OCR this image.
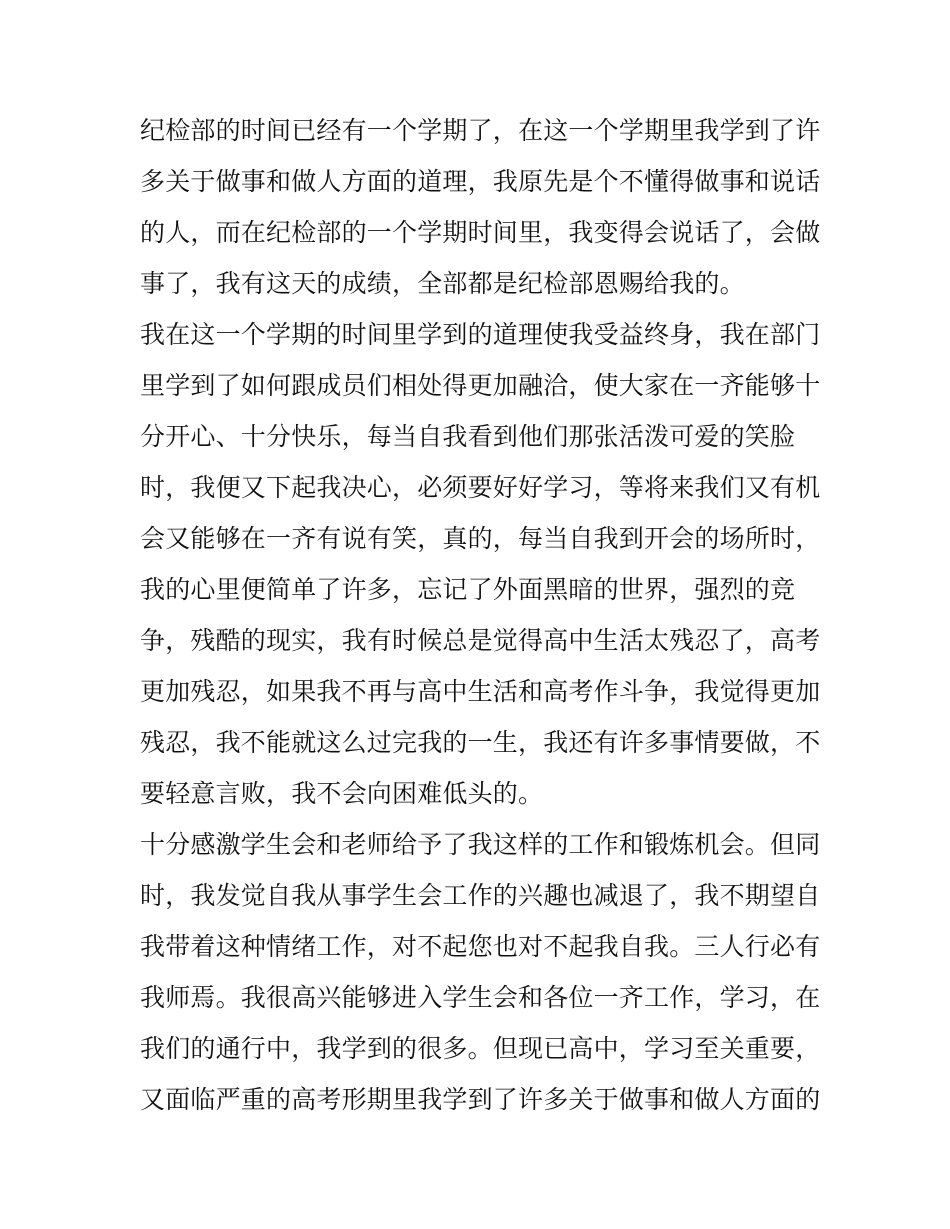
纪检部的时间已经有一个学期了，在这一个学期里我学到了许
多关于做事和做人方面的道理，我原先是个不懂得做事和说话
的人，而在纪检部的一个学期时间里，我变得会说话了，会做
事了，我有这天的成绩，全部都是纪检部恩赐给我的。
我在这一个学期的时间里学到的道理使我受益终身，我在部门
里学到了如何跟成员们相处得更加融洽，使大家在一齐能够十
分开心、十分快乐，每当自我看到他们那张活泼可爱的笑脸
时，我便又下起我决心，必须要好好学习，等将来我们又有机
会又能够在一齐有说有笑，真的，每当自我到开会的场所时，
我的心里便简单了许多，忘记了外面黑暗的世界，强烈的竞
争，残酷的现实，我有时候总是觉得高中生活太残忍了，高考
更加残忍，如果我不再与高中生活和高考作斗争，我觉得更加
残忍，我不能就这么过完我的一生，我还有许多事情要做，不
要轻意言败，我不会向困难低头的。
十分感激学生会和老师给予了我这样的工作和锻炼机会。但同
时，我发觉自我从事学生会工作的兴趣也减退了，我不期望自
我带着这种情绪工作，对不起您也对不起我自我。三人行必有
我师焉。我很高兴能够进入学生会和各位一齐工作，学习，在
我们的通行中，我学到的很多。但现已高中，学习至关重要，
又面临严重的高考形期里我学到了许多关于做事和做人方面的
